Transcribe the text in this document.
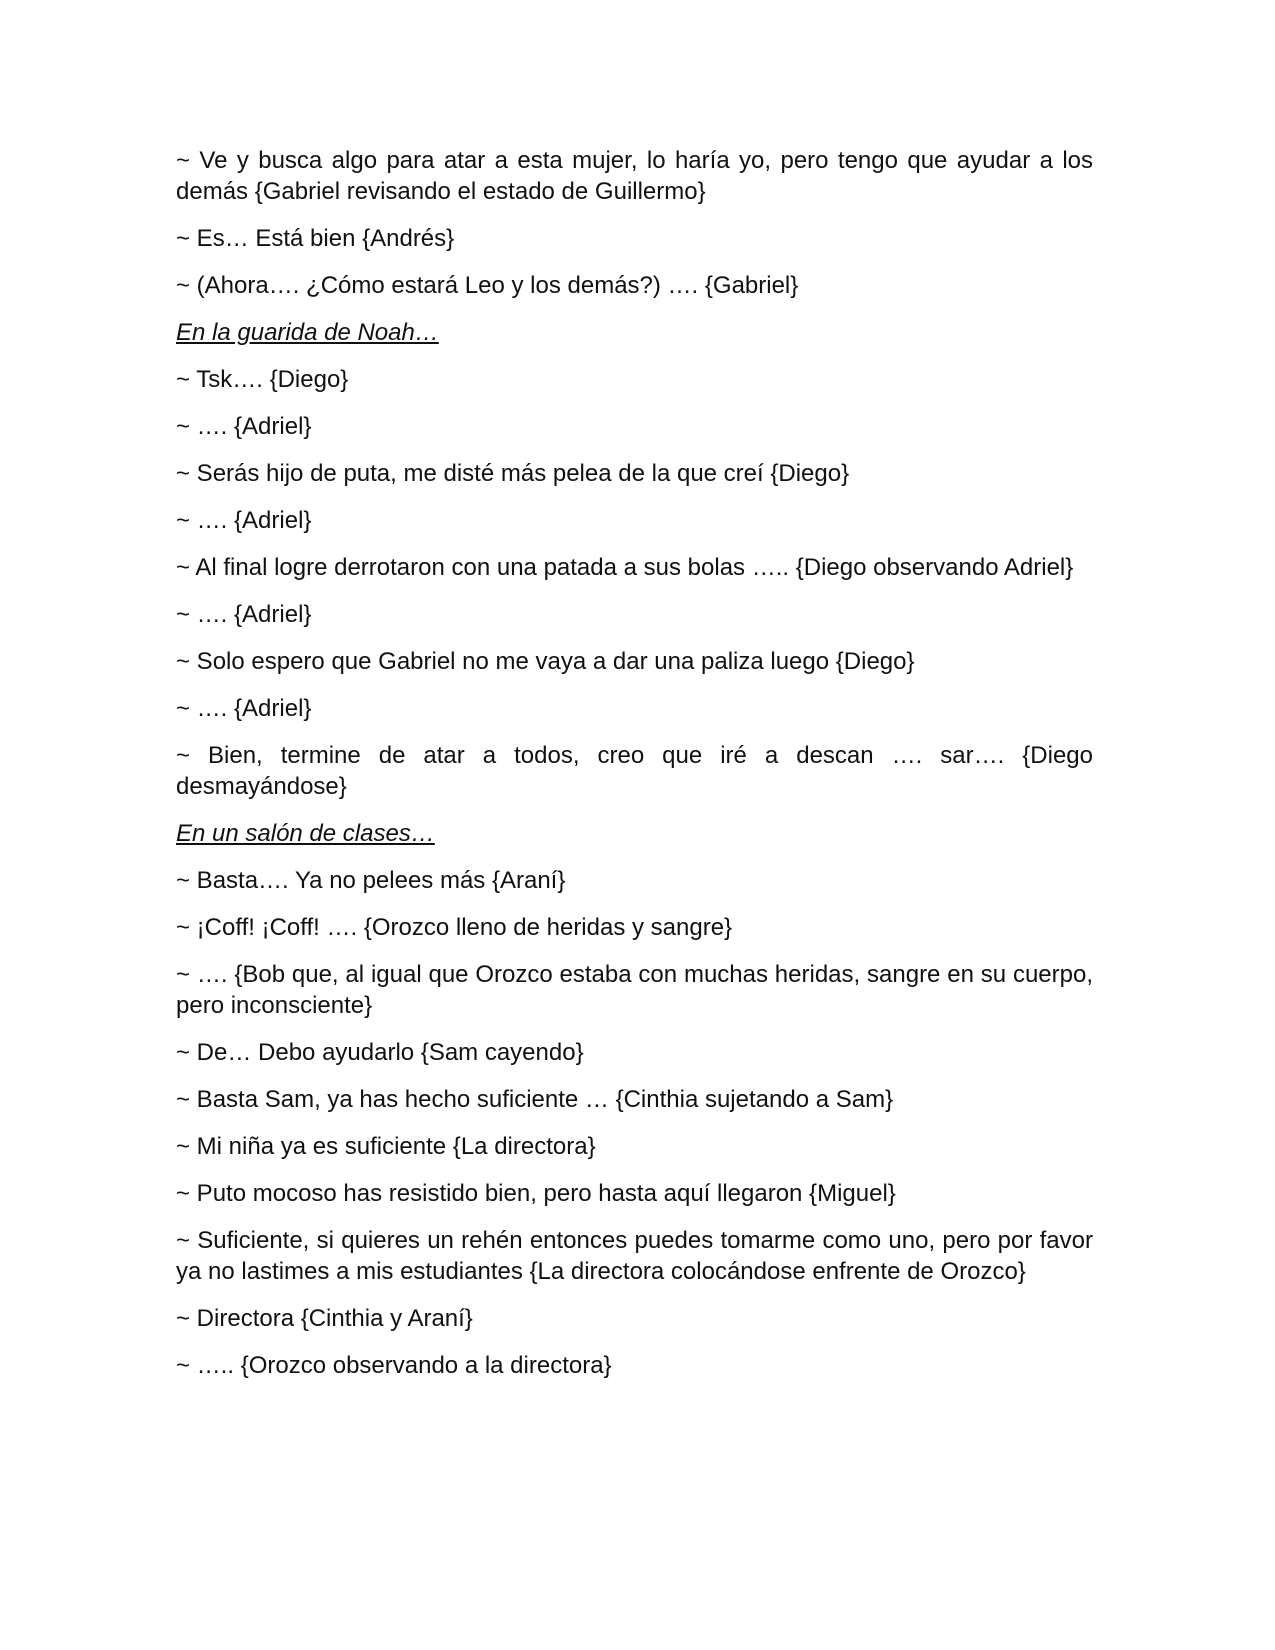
~ Ve y busca algo para atar a esta mujer, lo haría yo, pero tengo que ayudar a los demás {Gabriel revisando el estado de Guillermo}

~ Es… Está bien {Andrés}

~ (Ahora…. ¿Cómo estará Leo y los demás?) …. {Gabriel}

En la guarida de Noah…

~ Tsk…. {Diego}

~ …. {Adriel}

~ Serás hijo de puta, me disté más pelea de la que creí {Diego}

~ …. {Adriel}

~ Al final logre derrotaron con una patada a sus bolas ….. {Diego observando Adriel}

~ …. {Adriel}

~ Solo espero que Gabriel no me vaya a dar una paliza luego {Diego}

~ …. {Adriel}

~ Bien, termine de atar a todos, creo que iré a descan …. sar…. {Diego desmayándose}

En un salón de clases…

~ Basta…. Ya no pelees más {Araní}

~ ¡Coff! ¡Coff! …. {Orozco lleno de heridas y sangre}

~ …. {Bob que, al igual que Orozco estaba con muchas heridas, sangre en su cuerpo, pero inconsciente}

~ De… Debo ayudarlo {Sam cayendo}

~ Basta Sam, ya has hecho suficiente … {Cinthia sujetando a Sam}

~ Mi niña ya es suficiente {La directora}

~ Puto mocoso has resistido bien, pero hasta aquí llegaron {Miguel}

~ Suficiente, si quieres un rehén entonces puedes tomarme como uno, pero por favor ya no lastimes a mis estudiantes {La directora colocándose enfrente de Orozco}

~ Directora {Cinthia y Araní}

~ ….. {Orozco observando a la directora}
